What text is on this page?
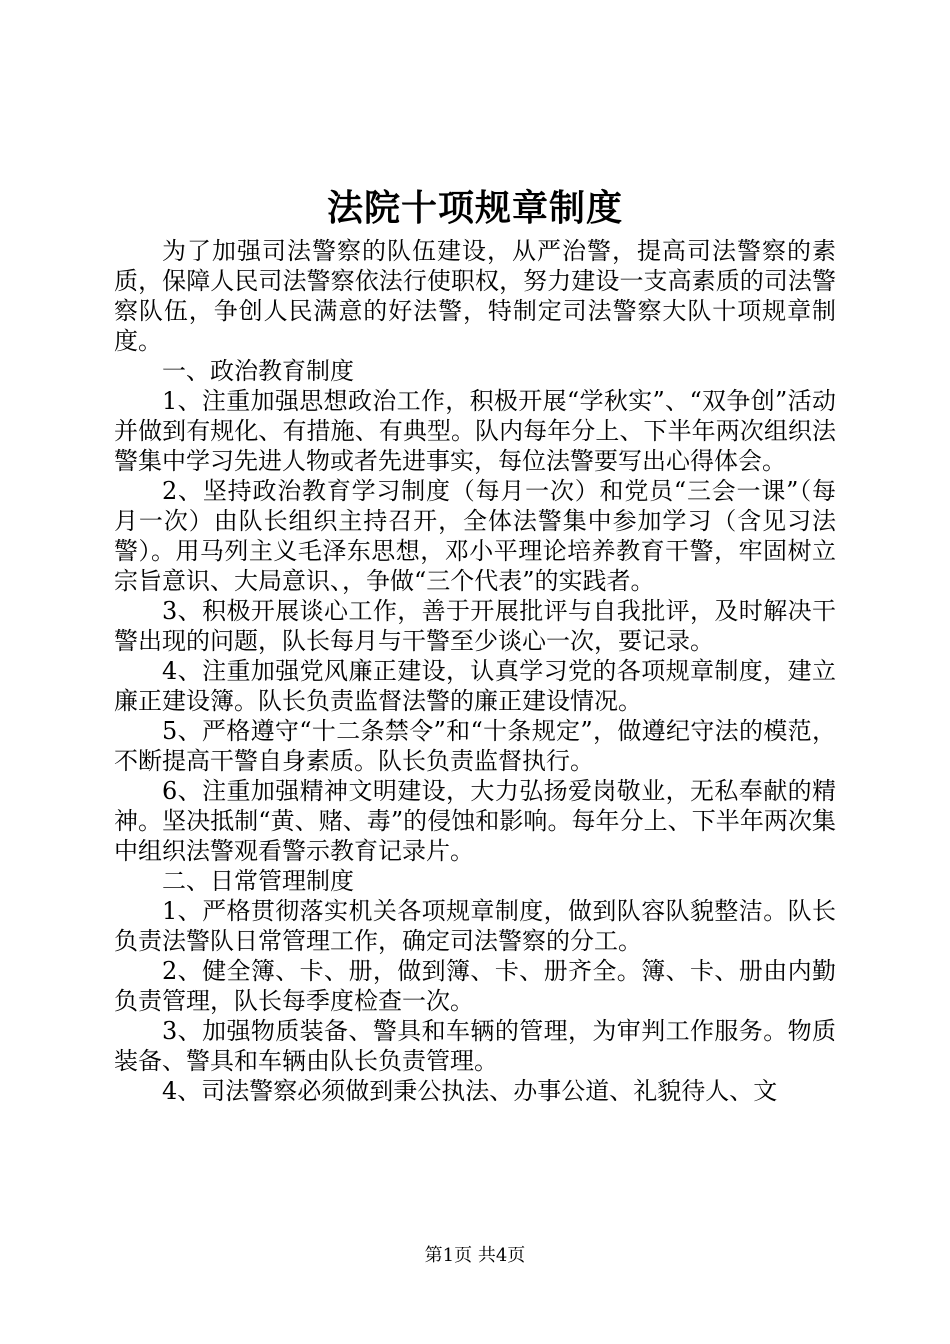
法院十项规章制度

为了加强司法警察的队伍建设，从严治警，提高司法警察的素质，保障人民司法警察依法行使职权，努力建设一支高素质的司法警察队伍，争创人民满意的好法警，特制定司法警察大队十项规章制度。

一、政治教育制度

1、注重加强思想政治工作，积极开展“学秋实”、“双争创”活动并做到有规化、有措施、有典型。队内每年分上、下半年两次组织法警集中学习先进人物或者先进事实，每位法警要写出心得体会。

2、坚持政治教育学习制度（每月一次）和党员“三会一课”（每月一次）由队长组织主持召开，全体法警集中参加学习（含见习法警）。用马列主义毛泽东思想，邓小平理论培养教育干警，牢固树立宗旨意识、大局意识、，争做“三个代表”的实践者。

3、积极开展谈心工作，善于开展批评与自我批评，及时解决干警出现的问题，队长每月与干警至少谈心一次，要记录。

4、注重加强党风廉正建设，认真学习党的各项规章制度，建立廉正建设簿。队长负责监督法警的廉正建设情况。

5、严格遵守“十二条禁令”和“十条规定”，做遵纪守法的模范，不断提高干警自身素质。队长负责监督执行。

6、注重加强精神文明建设，大力弘扬爱岗敬业，无私奉献的精神。坚决抵制“黄、赌、毒”的侵蚀和影响。每年分上、下半年两次集中组织法警观看警示教育记录片。

二、日常管理制度

1、严格贯彻落实机关各项规章制度，做到队容队貌整洁。队长负责法警队日常管理工作，确定司法警察的分工。

2、健全簿、卡、册，做到簿、卡、册齐全。簿、卡、册由内勤负责管理，队长每季度检查一次。

3、加强物质装备、警具和车辆的管理，为审判工作服务。物质装备、警具和车辆由队长负责管理。

4、司法警察必须做到秉公执法、办事公道、礼貌待人、文

第1页 共4页
